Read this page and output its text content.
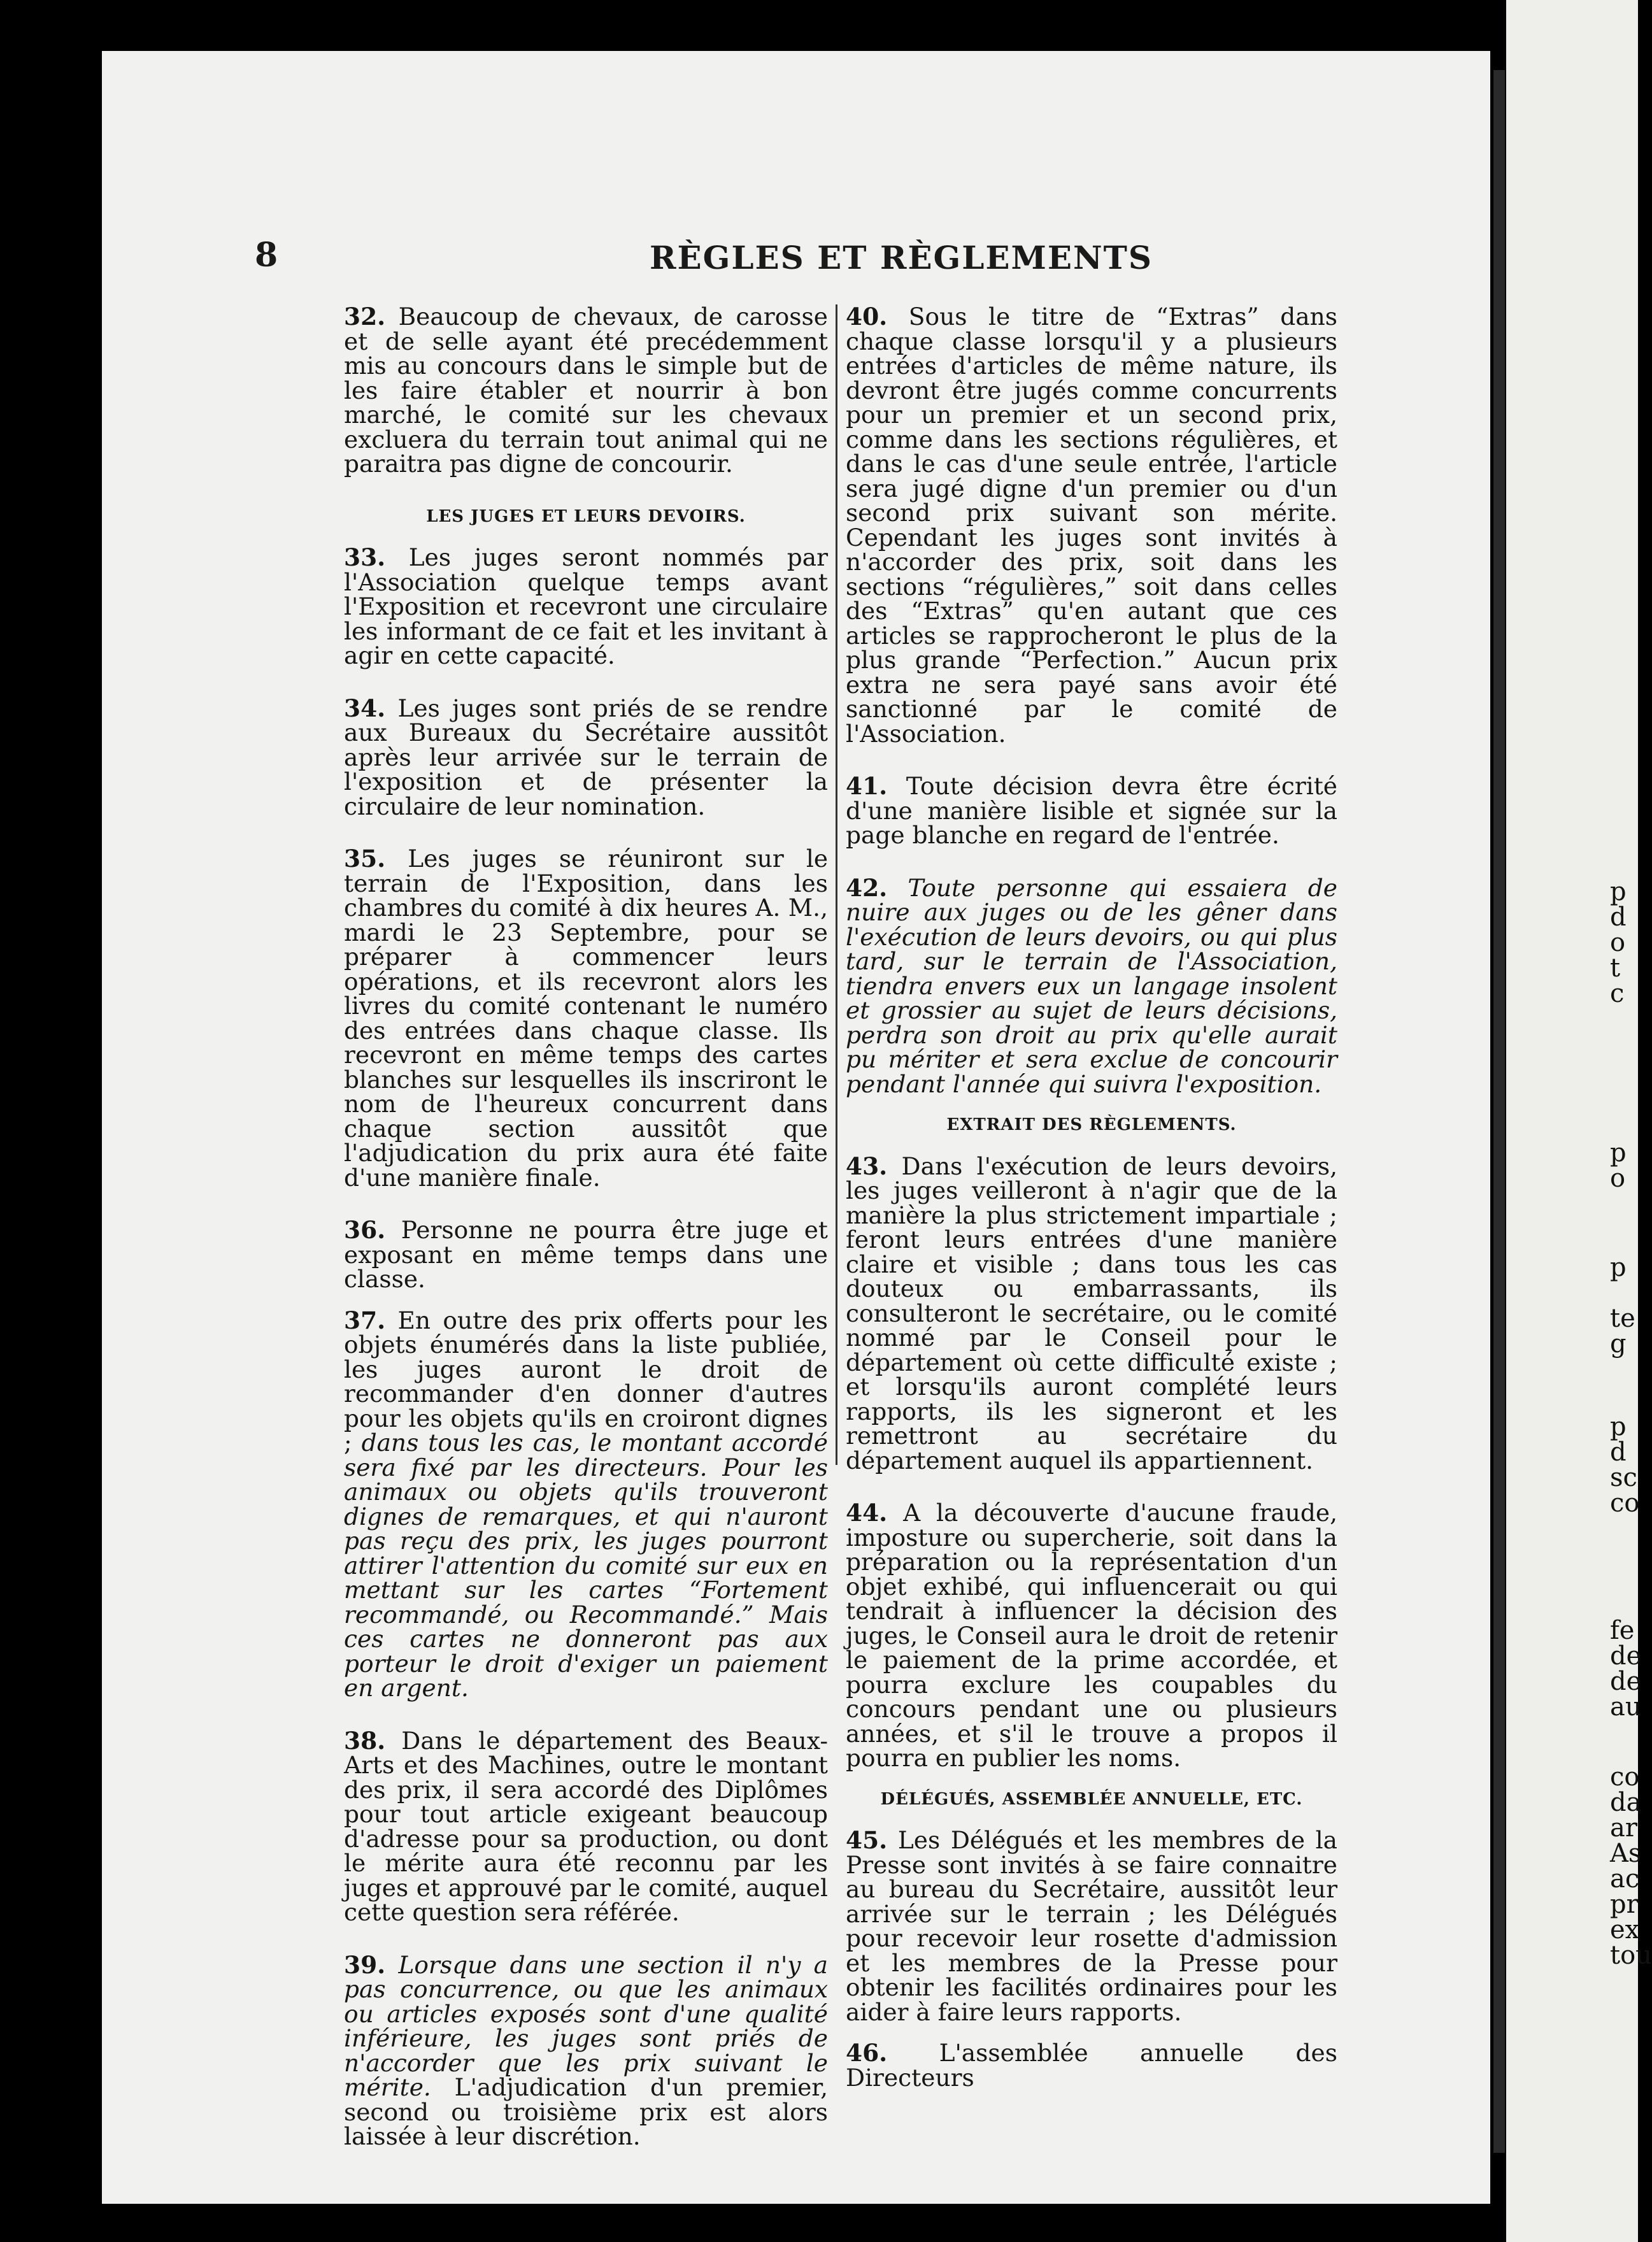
8	RÈGLES ET RÈGLEMENTS

32. Beaucoup de chevaux, de carosse et de selle ayant été precédemment mis au concours dans le simple but de les faire établer et nourrir à bon marché, le comité sur les chevaux excluera du terrain tout animal qui ne paraitra pas digne de concourir.

LES JUGES ET LEURS DEVOIRS.

33. Les juges seront nommés par l'Association quelque temps avant l'Exposition et recevront une circulaire les informant de ce fait et les invitant à agir en cette capacité.

34. Les juges sont priés de se rendre aux Bureaux du Secrétaire aussitôt après leur arrivée sur le terrain de l'exposition et de présenter la circulaire de leur nomination.

35. Les juges se réuniront sur le terrain de l'Exposition, dans les chambres du comité à dix heures A. M., mardi le 23 Septembre, pour se préparer à commencer leurs opérations, et ils recevront alors les livres du comité contenant le numéro des entrées dans chaque classe. Ils recevront en même temps des cartes blanches sur lesquelles ils inscriront le nom de l'heureux concurrent dans chaque section aussitôt que l'adjudication du prix aura été faite d'une manière finale.

36. Personne ne pourra être juge et exposant en même temps dans une classe.

37. En outre des prix offerts pour les objets énumérés dans la liste publiée, les juges auront le droit de recommander d'en donner d'autres pour les objets qu'ils en croiront dignes ; dans tous les cas, le montant accordé sera fixé par les directeurs. Pour les animaux ou objets qu'ils trouveront dignes de remarques, et qui n'auront pas reçu des prix, les juges pourront attirer l'attention du comité sur eux en mettant sur les cartes “Fortement recommandé, ou Recommandé.” Mais ces cartes ne donneront pas aux porteur le droit d'exiger un paiement en argent.

38. Dans le département des Beaux-Arts et des Machines, outre le montant des prix, il sera accordé des Diplômes pour tout article exigeant beaucoup d'adresse pour sa production, ou dont le mérite aura été reconnu par les juges et approuvé par le comité, auquel cette question sera référée.

39. Lorsque dans une section il n'y a pas concurrence, ou que les animaux ou articles exposés sont d'une qualité inférieure, les juges sont priés de n'accorder que les prix suivant le mérite. L'adjudication d'un premier, second ou troisième prix est alors laissée à leur discrétion.

40. Sous le titre de “Extras” dans chaque classe lorsqu'il y a plusieurs entrées d'articles de même nature, ils devront être jugés comme concurrents pour un premier et un second prix, comme dans les sections régulières, et dans le cas d'une seule entrée, l'article sera jugé digne d'un premier ou d'un second prix suivant son mérite. Cependant les juges sont invités à n'accorder des prix, soit dans les sections “régulières,” soit dans celles des “Extras” qu'en autant que ces articles se rapprocheront le plus de la plus grande “Perfection.” Aucun prix extra ne sera payé sans avoir été sanctionné par le comité de l'Association.

41. Toute décision devra être écrité d'une manière lisible et signée sur la page blanche en regard de l'entrée.

42. Toute personne qui essaiera de nuire aux juges ou de les gêner dans l'exécution de leurs devoirs, ou qui plus tard, sur le terrain de l'Association, tiendra envers eux un langage insolent et grossier au sujet de leurs décisions, perdra son droit au prix qu'elle aurait pu mériter et sera exclue de concourir pendant l'année qui suivra l'exposition.

EXTRAIT DES RÈGLEMENTS.

43. Dans l'exécution de leurs devoirs, les juges veilleront à n'agir que de la manière la plus strictement impartiale ; feront leurs entrées d'une manière claire et visible ; dans tous les cas douteux ou embarrassants, ils consulteront le secrétaire, ou le comité nommé par le Conseil pour le département où cette difficulté existe ; et lorsqu'ils auront complété leurs rapports, ils les signeront et les remettront au secrétaire du département auquel ils appartiennent.

44. A la découverte d'aucune fraude, imposture ou supercherie, soit dans la préparation ou la représentation d'un objet exhibé, qui influencerait ou qui tendrait à influencer la décision des juges, le Conseil aura le droit de retenir le paiement de la prime accordée, et pourra exclure les coupables du concours pendant une ou plusieurs années, et s'il le trouve a propos il pourra en publier les noms.

DÉLÉGUÉS, ASSEMBLÉE ANNUELLE, ETC.

45. Les Délégués et les membres de la Presse sont invités à se faire connaitre au bureau du Secrétaire, aussitôt leur arrivée sur le terrain ; les Délégués pour recevoir leur rosette d'admission et les membres de la Presse pour obtenir les facilités ordinaires pour les aider à faire leurs rapports.

46. L'assemblée annuelle des Directeurs

p
d
o
t
c
p
o
p
te
g
p
d
sc
co
fe
de
de
au
co
da
ar
As
ac
pr
ex
tou
